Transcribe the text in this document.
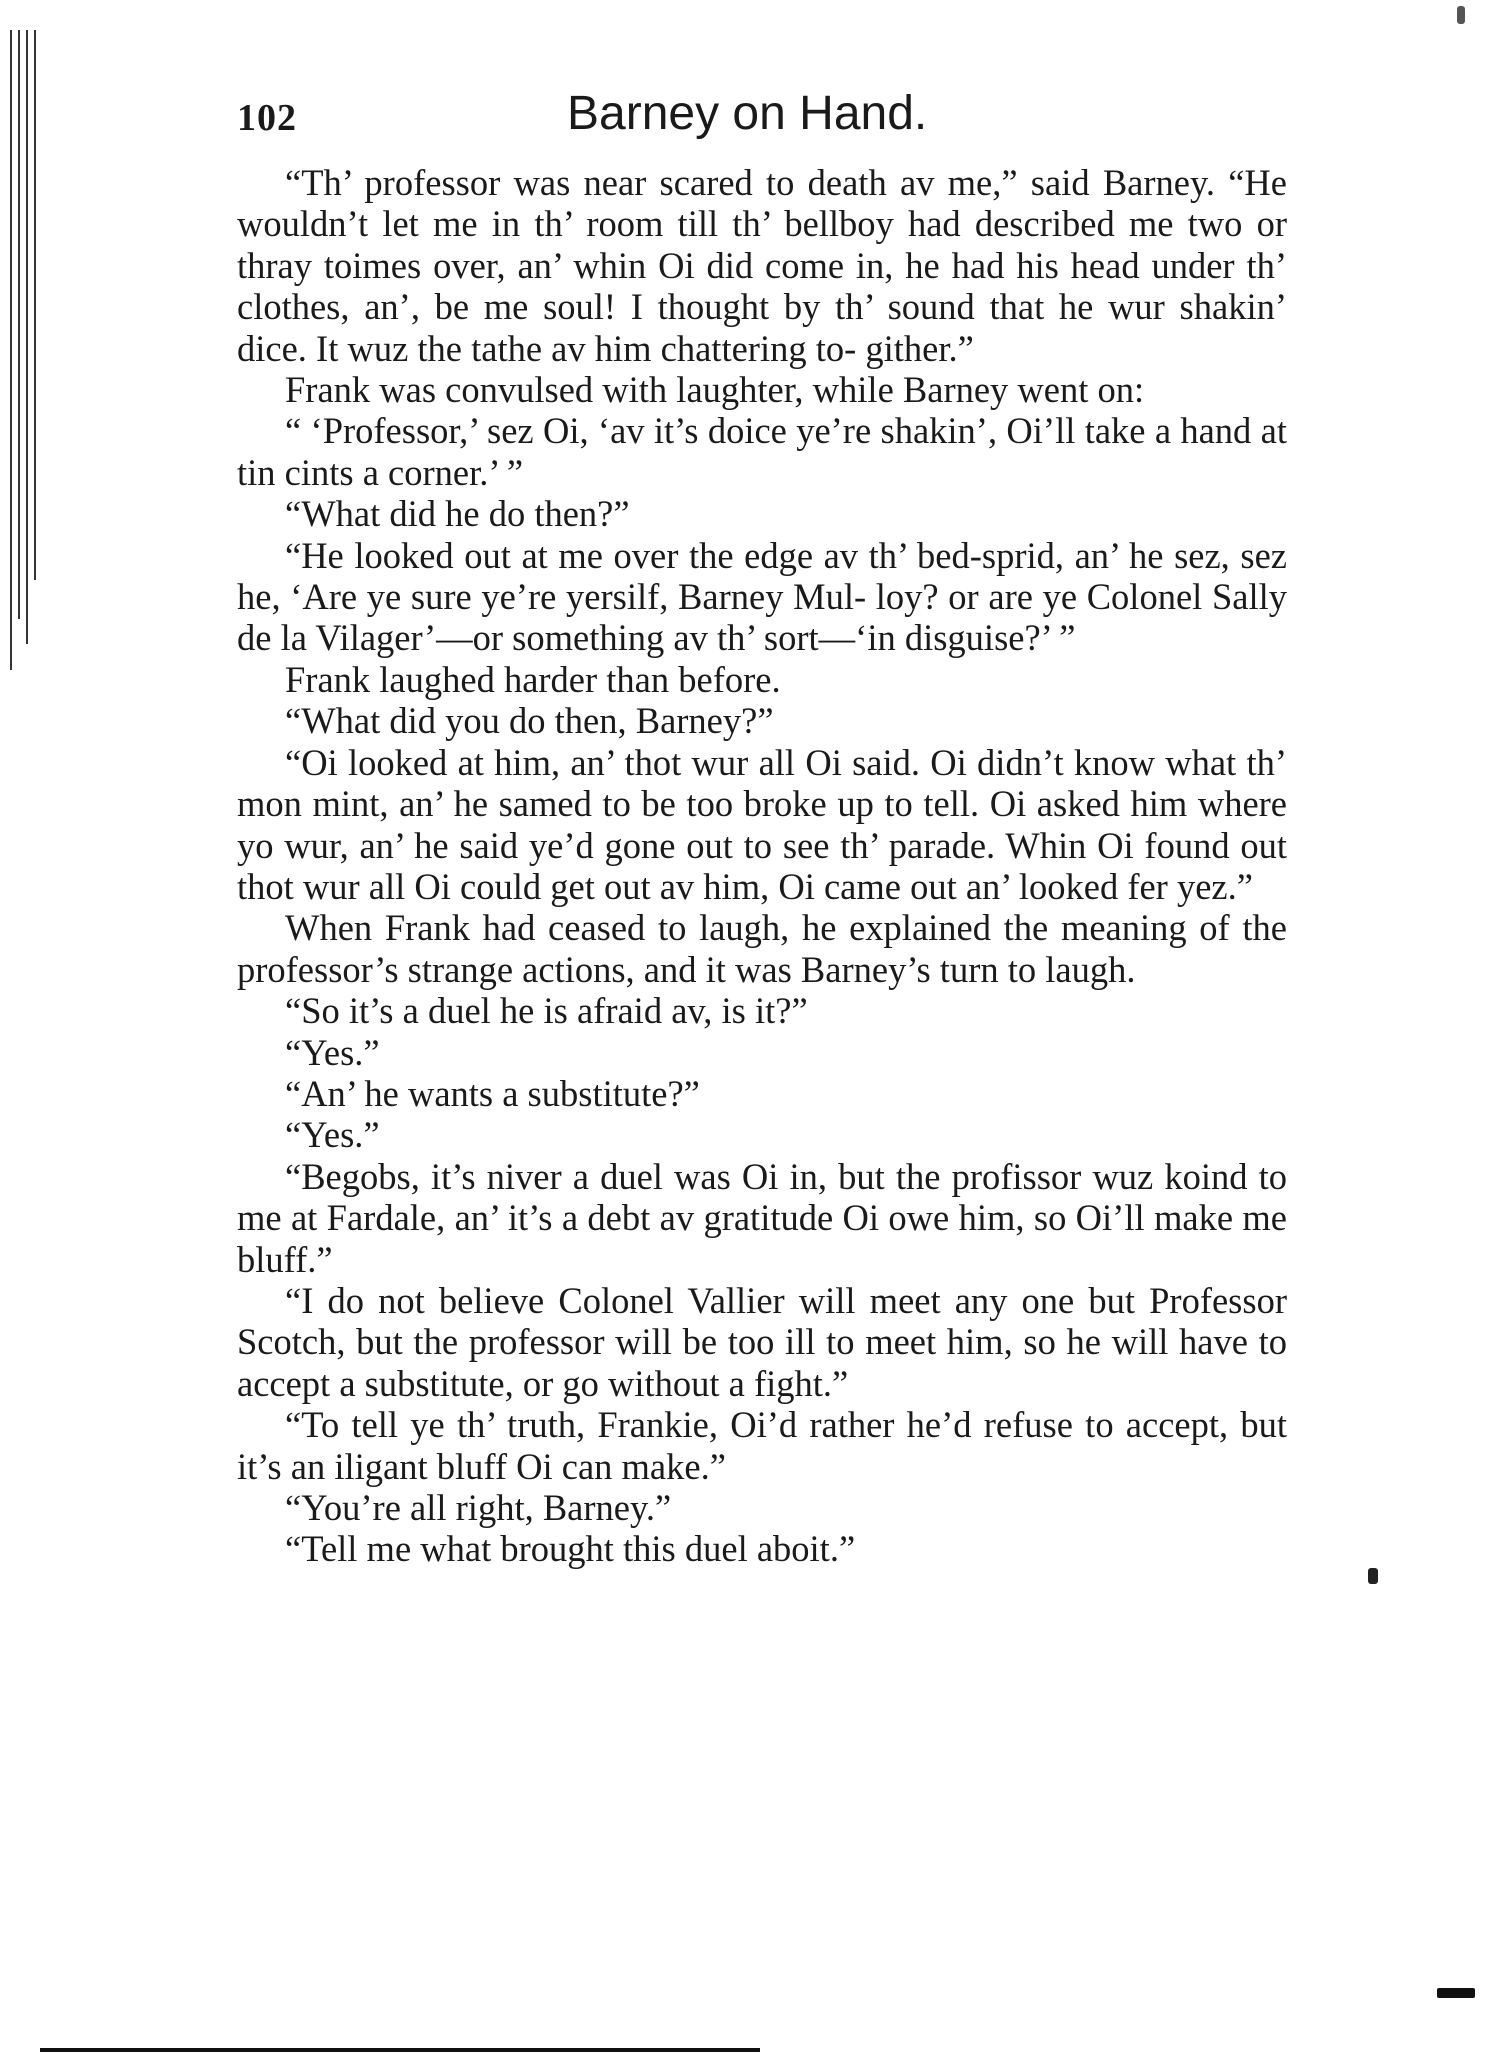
102	Barney on Hand.

“Th’ professor was near scared to death av me,” said Barney. “He wouldn’t let me in th’ room till th’ bellboy had described me two or thray toimes over, an’ whin Oi did come in, he had his head under th’ clothes, an’, be me soul! I thought by th’ sound that he wur shakin’ dice. It wuz the tathe av him chattering to- gither.”

Frank was convulsed with laughter, while Barney went on:

“ ‘Professor,’ sez Oi, ‘av it’s doice ye’re shakin’, Oi’ll take a hand at tin cints a corner.’ ”

“What did he do then?”

“He looked out at me over the edge av th’ bed-sprid, an’ he sez, sez he, ‘Are ye sure ye’re yersilf, Barney Mul- loy? or are ye Colonel Sally de la Vilager’—or something av th’ sort—‘in disguise?’ ”

Frank laughed harder than before.

“What did you do then, Barney?”

“Oi looked at him, an’ thot wur all Oi said. Oi didn’t know what th’ mon mint, an’ he samed to be too broke up to tell. Oi asked him where yo wur, an’ he said ye’d gone out to see th’ parade. Whin Oi found out thot wur all Oi could get out av him, Oi came out an’ looked fer yez.”

When Frank had ceased to laugh, he explained the meaning of the professor’s strange actions, and it was Barney’s turn to laugh.

“So it’s a duel he is afraid av, is it?”

“Yes.”

“An’ he wants a substitute?”

“Yes.”

“Begobs, it’s niver a duel was Oi in, but the profissor wuz koind to me at Fardale, an’ it’s a debt av gratitude Oi owe him, so Oi’ll make me bluff.”

“I do not believe Colonel Vallier will meet any one but Professor Scotch, but the professor will be too ill to meet him, so he will have to accept a substitute, or go without a fight.”

“To tell ye th’ truth, Frankie, Oi’d rather he’d refuse to accept, but it’s an iligant bluff Oi can make.”

“You’re all right, Barney.”

“Tell me what brought this duel aboit.”
